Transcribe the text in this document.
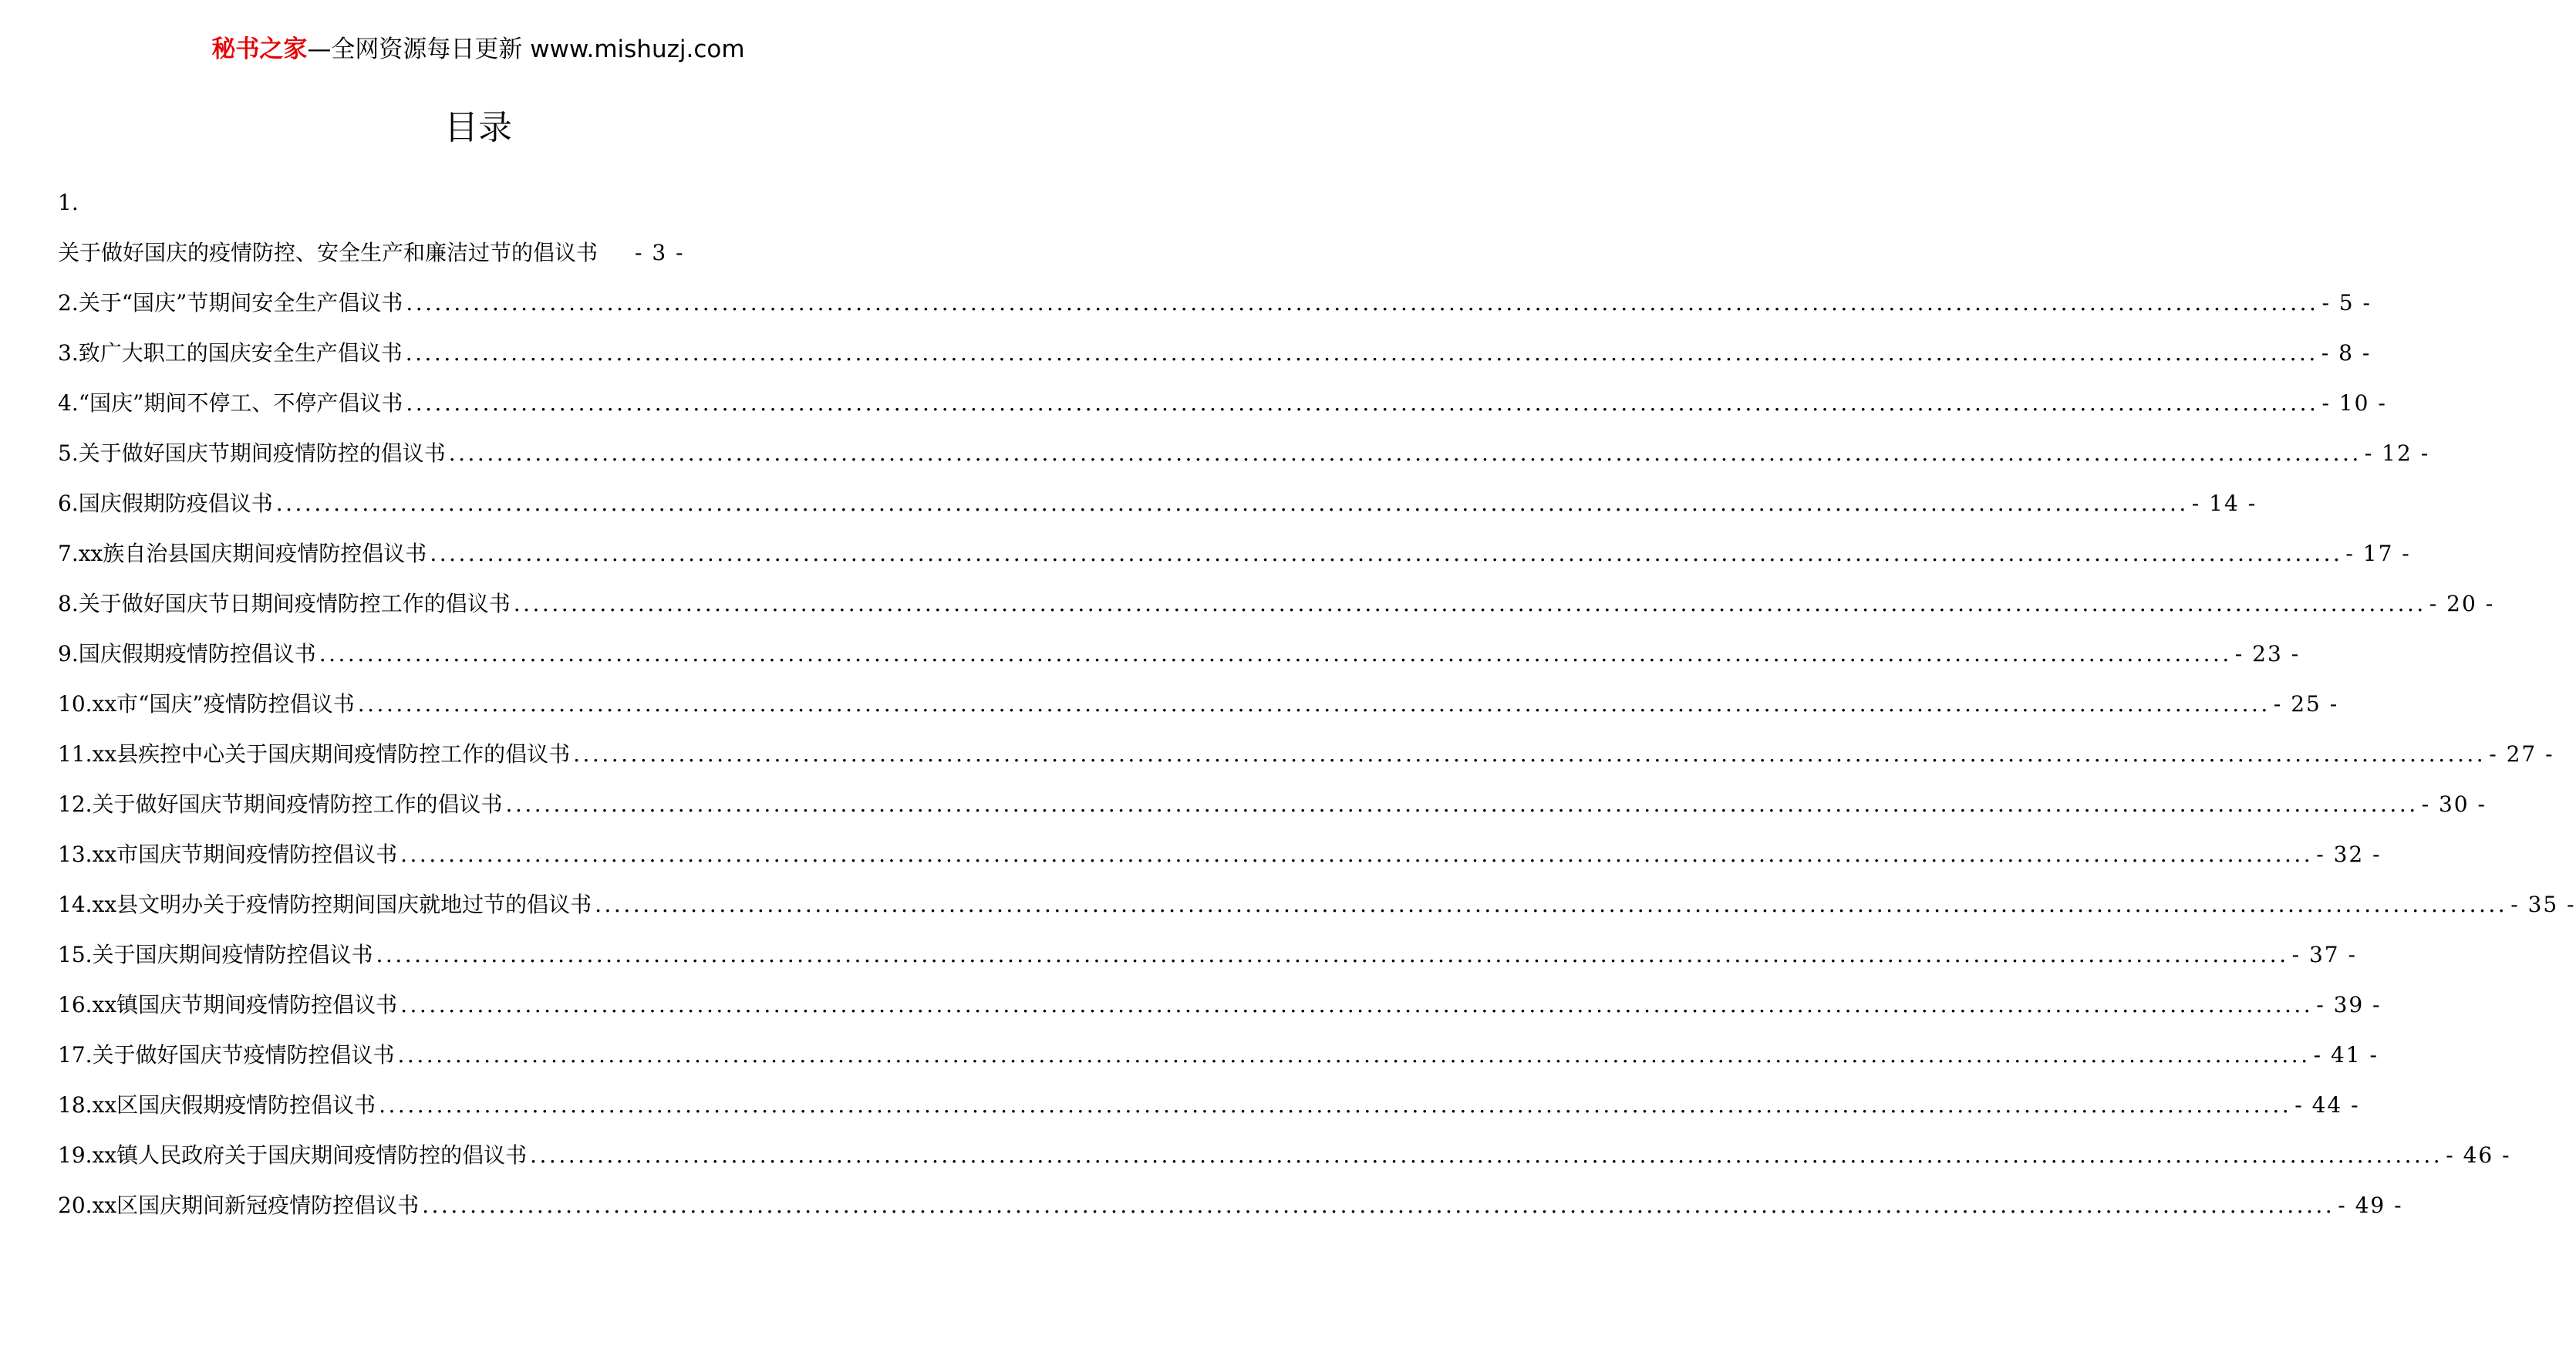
秘书之家—全网资源每日更新 www.mishuzj.com
目录
1.
关于做好国庆的疫情防控、安全生产和廉洁过节的倡议书 - 3 -
2.关于“国庆”节期间安全生产倡议书 ........................................................................................................................................................................................................ - 5 -
3.致广大职工的国庆安全生产倡议书 ........................................................................................................................................................................................................ - 8 -
4.“国庆”期间不停工、不停产倡议书 ........................................................................................................................................................................................................ - 10 -
5.关于做好国庆节期间疫情防控的倡议书 ........................................................................................................................................................................................................ - 12 -
6.国庆假期防疫倡议书 ........................................................................................................................................................................................................ - 14 -
7.xx族自治县国庆期间疫情防控倡议书 ........................................................................................................................................................................................................ - 17 -
8.关于做好国庆节日期间疫情防控工作的倡议书 ........................................................................................................................................................................................................ - 20 -
9.国庆假期疫情防控倡议书 ........................................................................................................................................................................................................ - 23 -
10.xx市“国庆”疫情防控倡议书 ........................................................................................................................................................................................................ - 25 -
11.xx县疾控中心关于国庆期间疫情防控工作的倡议书 ........................................................................................................................................................................................................ - 27 -
12.关于做好国庆节期间疫情防控工作的倡议书 ........................................................................................................................................................................................................ - 30 -
13.xx市国庆节期间疫情防控倡议书 ........................................................................................................................................................................................................ - 32 -
14.xx县文明办关于疫情防控期间国庆就地过节的倡议书 ........................................................................................................................................................................................................ - 35 -
15.关于国庆期间疫情防控倡议书 ........................................................................................................................................................................................................ - 37 -
16.xx镇国庆节期间疫情防控倡议书 ........................................................................................................................................................................................................ - 39 -
17.关于做好国庆节疫情防控倡议书 ........................................................................................................................................................................................................ - 41 -
18.xx区国庆假期疫情防控倡议书 ........................................................................................................................................................................................................ - 44 -
19.xx镇人民政府关于国庆期间疫情防控的倡议书 ........................................................................................................................................................................................................ - 46 -
20.xx区国庆期间新冠疫情防控倡议书 ........................................................................................................................................................................................................ - 49 -
